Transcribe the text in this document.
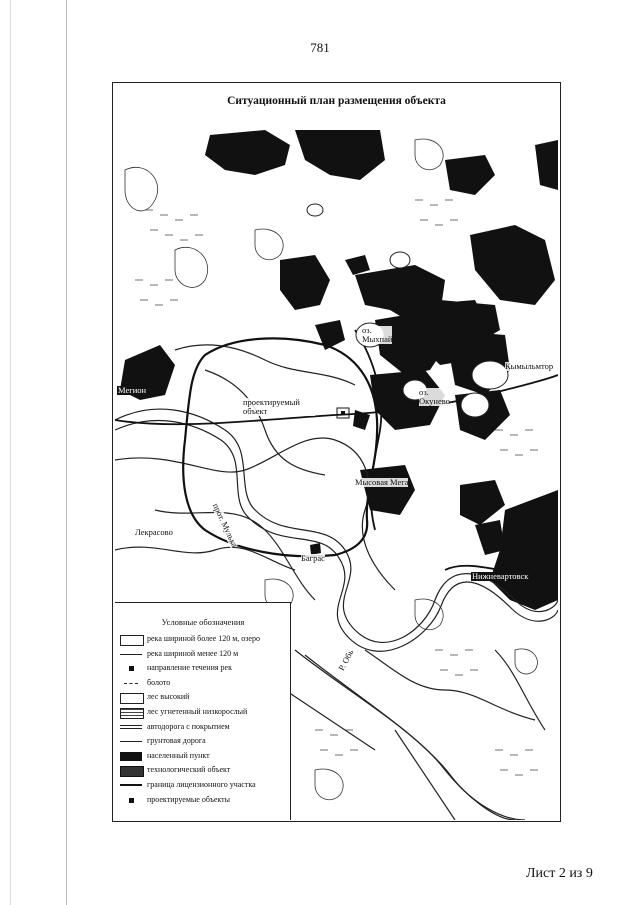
781
Ситуационный план размещения объекта
Мегион
оз. Мыхпай
Кымыльмтор
оз. Окунево
проектируемый объект
Мысовая Мега
прот. Мулька
Лекрасово
Баграс
Нижневартовск
Р. Обь
Условные обозначения
река шириной более 120 м, озеро
река шириной менее 120 м
направление течения рек
болото
лес высокий
лес угнетенный низкорослый
автодорога с покрытием
грунтовая дорога
населенный пункт
технологический объект
граница лицензионного участка
проектируемые объекты
Лист 2 из 9
